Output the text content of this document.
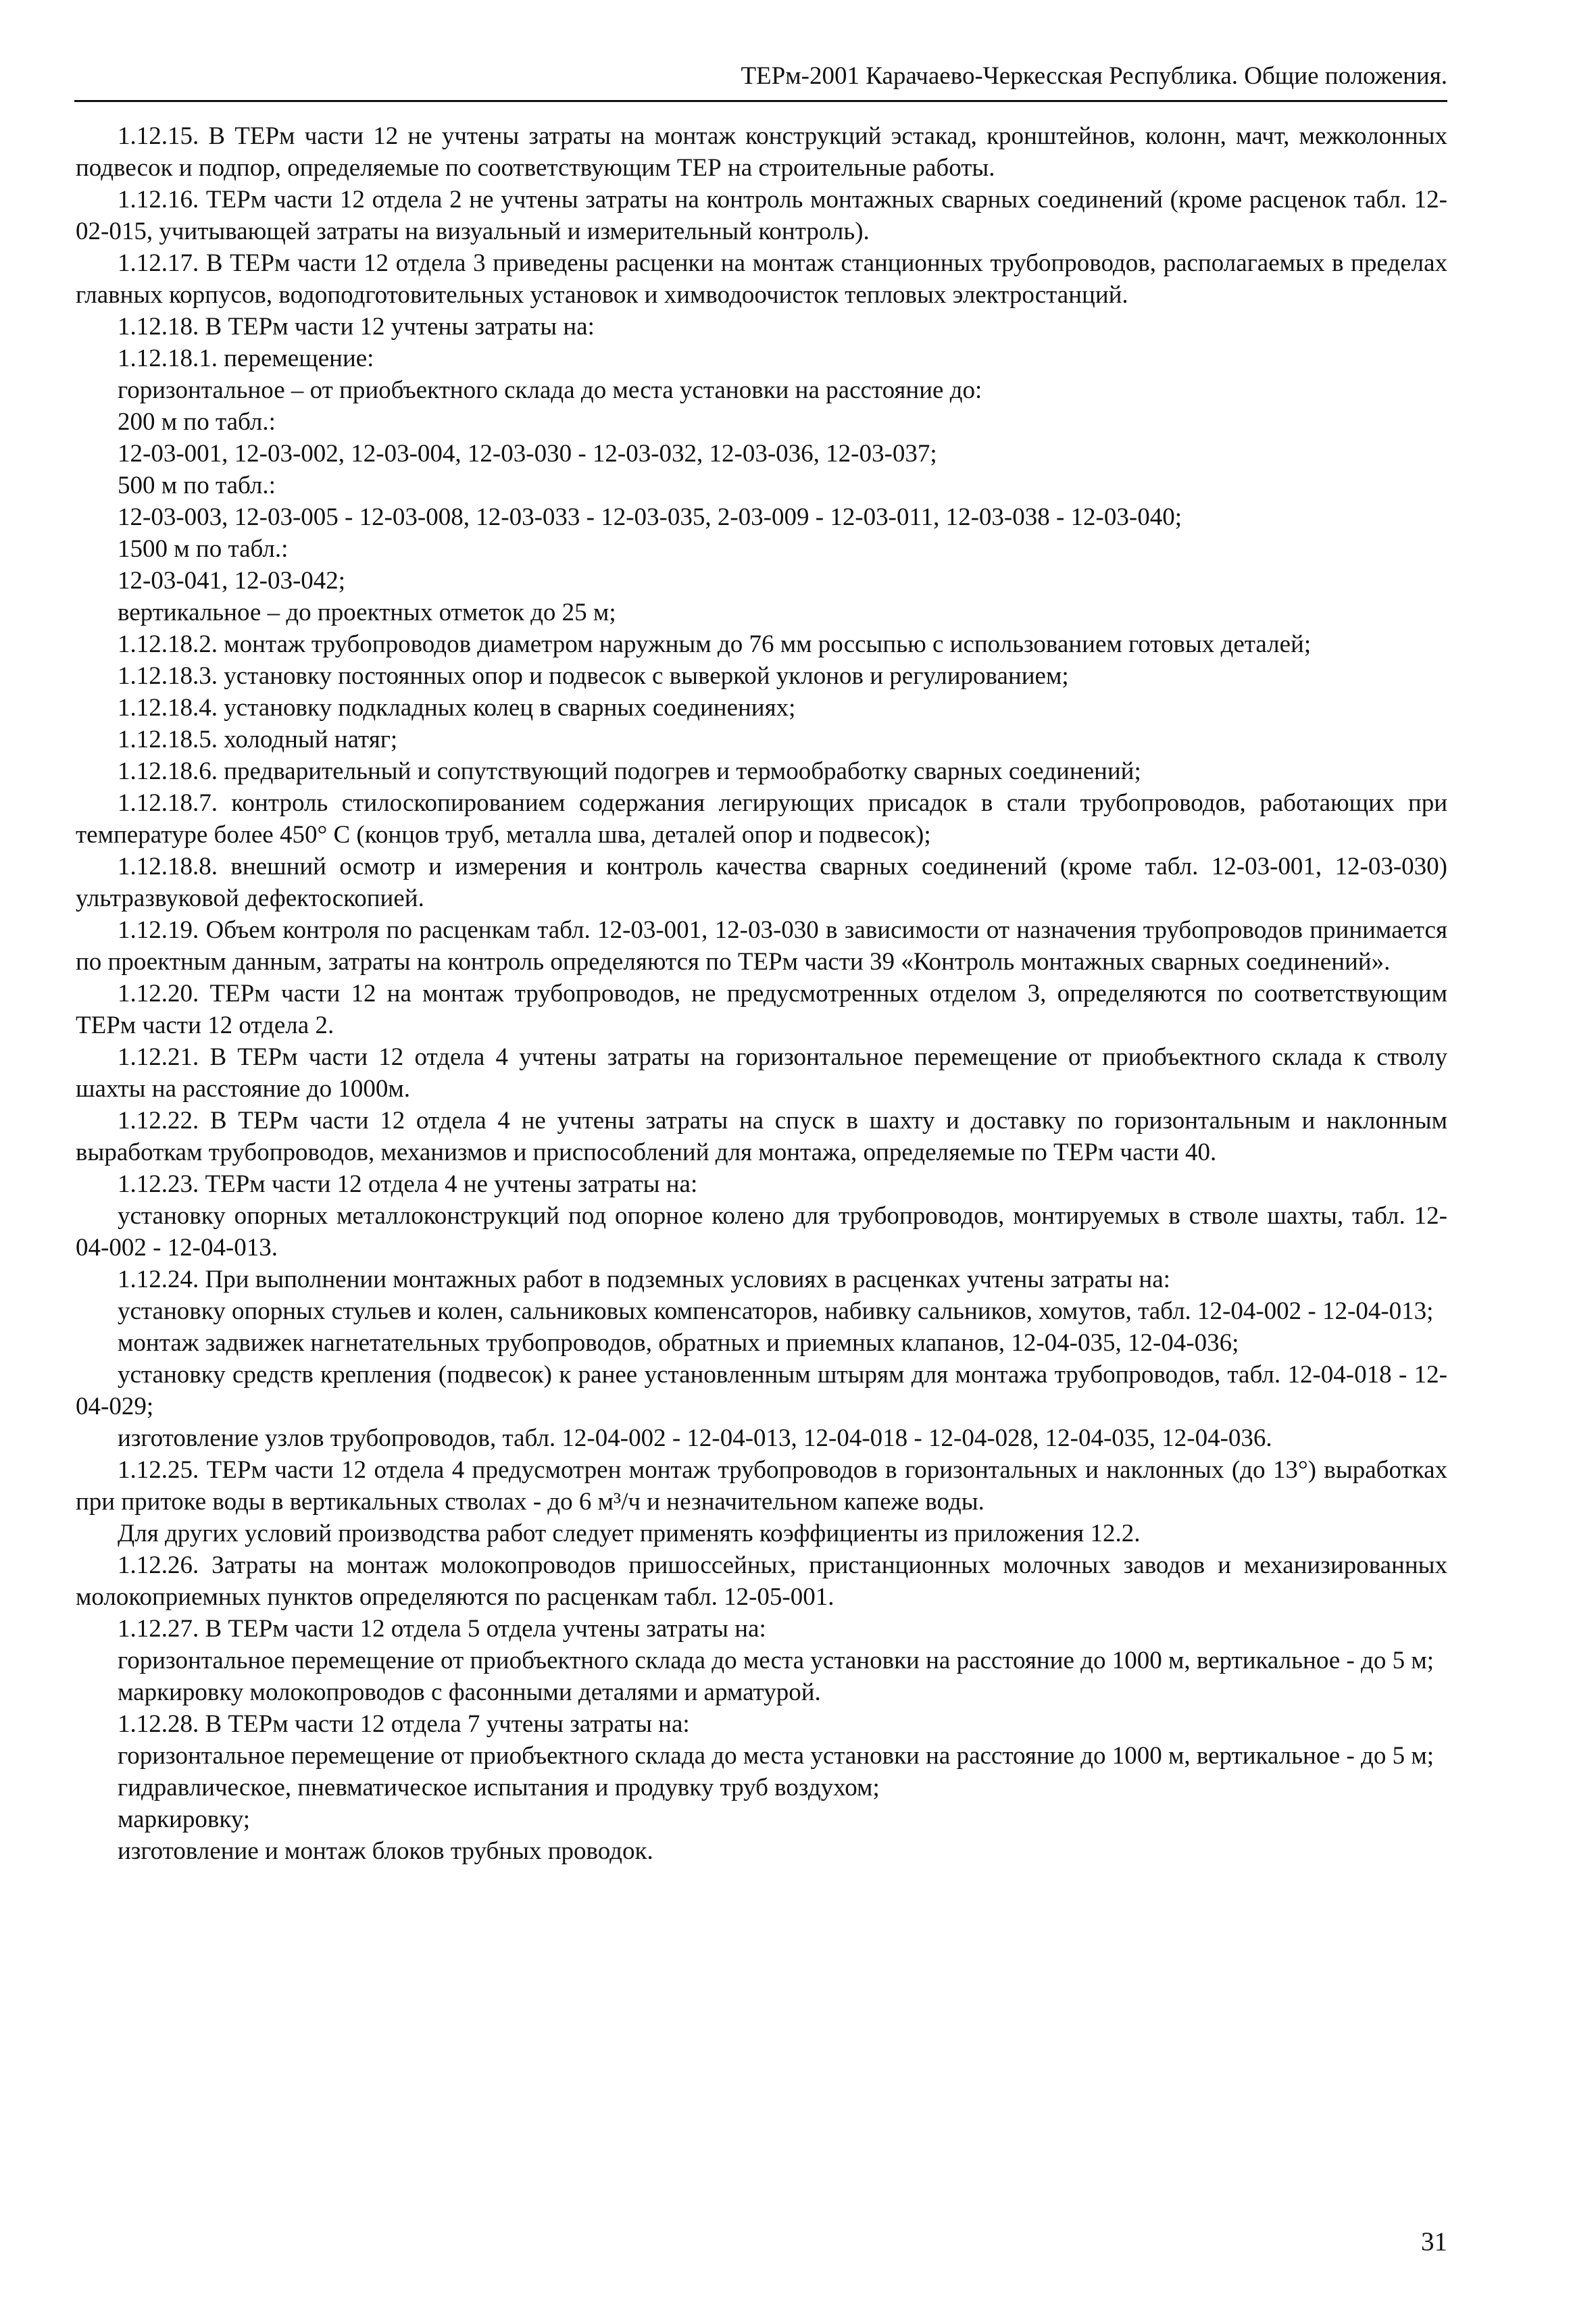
ТЕРм-2001 Карачаево-Черкесская Республика. Общие положения.

1.12.15. В ТЕРм части 12 не учтены затраты на монтаж конструкций эстакад, кронштейнов, колонн, мачт, межколонных подвесок и подпор, определяемые по соответствующим ТЕР на строительные работы.

1.12.16. ТЕРм части 12 отдела 2 не учтены затраты на контроль монтажных сварных соединений (кроме расценок табл. 12-02-015, учитывающей затраты на визуальный и измерительный контроль).

1.12.17. В ТЕРм части 12 отдела 3 приведены расценки на монтаж станционных трубопроводов, располагаемых в пределах главных корпусов, водоподготовительных установок и химводоочисток тепловых электростанций.

1.12.18. В ТЕРм части 12 учтены затраты на:

1.12.18.1. перемещение:

горизонтальное – от приобъектного склада до места установки на расстояние до:

200 м по табл.:

12-03-001, 12-03-002, 12-03-004, 12-03-030 - 12-03-032, 12-03-036, 12-03-037;

500 м по табл.:

12-03-003, 12-03-005 - 12-03-008, 12-03-033 - 12-03-035, 2-03-009 - 12-03-011, 12-03-038 - 12-03-040;

1500 м по табл.:

12-03-041, 12-03-042;

вертикальное – до проектных отметок до 25 м;

1.12.18.2. монтаж трубопроводов диаметром наружным до 76 мм россыпью с использованием готовых деталей;

1.12.18.3. установку постоянных опор и подвесок с выверкой уклонов и регулированием;

1.12.18.4. установку подкладных колец в сварных соединениях;

1.12.18.5. холодный натяг;

1.12.18.6. предварительный и сопутствующий подогрев и термообработку сварных соединений;

1.12.18.7. контроль стилоскопированием содержания легирующих присадок в стали трубопроводов, работающих при температуре более 450° С (концов труб, металла шва, деталей опор и подвесок);

1.12.18.8. внешний осмотр и измерения и контроль качества сварных соединений (кроме табл. 12-03-001, 12-03-030) ультразвуковой дефектоскопией.

1.12.19. Объем контроля по расценкам табл. 12-03-001, 12-03-030 в зависимости от назначения трубопроводов принимается по проектным данным, затраты на контроль определяются по ТЕРм части 39 «Контроль монтажных сварных соединений».

1.12.20. ТЕРм части 12 на монтаж трубопроводов, не предусмотренных отделом 3, определяются по соответствующим ТЕРм части 12 отдела 2.

1.12.21. В ТЕРм части 12 отдела 4 учтены затраты на горизонтальное перемещение от приобъектного склада к стволу шахты на расстояние до 1000м.

1.12.22. В ТЕРм части 12 отдела 4 не учтены затраты на спуск в шахту и доставку по горизонтальным и наклонным выработкам трубопроводов, механизмов и приспособлений для монтажа, определяемые по ТЕРм части 40.

1.12.23. ТЕРм части 12 отдела 4 не учтены затраты на:

установку опорных металлоконструкций под опорное колено для трубопроводов, монтируемых в стволе шахты, табл. 12-04-002 - 12-04-013.

1.12.24. При выполнении монтажных работ в подземных условиях в расценках учтены затраты на:

установку опорных стульев и колен, сальниковых компенсаторов, набивку сальников, хомутов, табл. 12-04-002 - 12-04-013;

монтаж задвижек нагнетательных трубопроводов, обратных и приемных клапанов, 12-04-035, 12-04-036;

установку средств крепления (подвесок) к ранее установленным штырям для монтажа трубопроводов, табл. 12-04-018 - 12-04-029;

изготовление узлов трубопроводов, табл. 12-04-002 - 12-04-013, 12-04-018 - 12-04-028, 12-04-035, 12-04-036.

1.12.25. ТЕРм части 12 отдела 4 предусмотрен монтаж трубопроводов в горизонтальных и наклонных (до 13°) выработках при притоке воды в вертикальных стволах - до 6 м³/ч и незначительном капеже воды.

Для других условий производства работ следует применять коэффициенты из приложения 12.2.

1.12.26. Затраты на монтаж молокопроводов пришоссейных, пристанционных молочных заводов и механизированных молокоприемных пунктов определяются по расценкам табл. 12-05-001.

1.12.27. В ТЕРм части 12 отдела 5 отдела учтены затраты на:

горизонтальное перемещение от приобъектного склада до места установки на расстояние до 1000 м, вертикальное - до 5 м;

маркировку молокопроводов с фасонными деталями и арматурой.

1.12.28. В ТЕРм части 12 отдела 7 учтены затраты на:

горизонтальное перемещение от приобъектного склада до места установки на расстояние до 1000 м, вертикальное - до 5 м;

гидравлическое, пневматическое испытания и продувку труб воздухом;

маркировку;

изготовление и монтаж блоков трубных проводок.

31
